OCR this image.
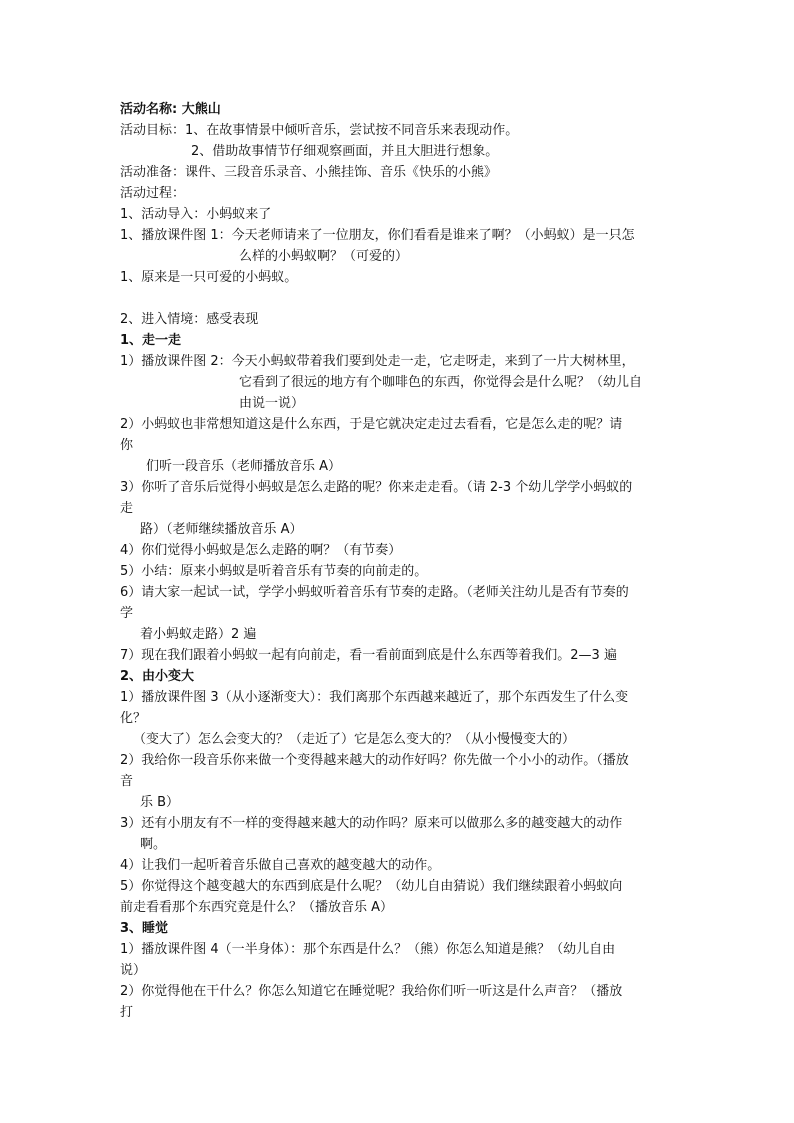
活动名称: 大熊山
活动目标：1、在故事情景中倾听音乐，尝试按不同音乐来表现动作。
2、借助故事情节仔细观察画面，并且大胆进行想象。
活动准备：课件、三段音乐录音、小熊挂饰、音乐《快乐的小熊》
活动过程：
1、活动导入：小蚂蚁来了
1、播放课件图 1：今天老师请来了一位朋友，你们看看是谁来了啊？（小蚂蚁）是一只怎
么样的小蚂蚁啊？（可爱的）
1、原来是一只可爱的小蚂蚁。
2、进入情境：感受表现
1、走一走
1）播放课件图 2：今天小蚂蚁带着我们要到处走一走，它走呀走，来到了一片大树林里，
它看到了很远的地方有个咖啡色的东西，你觉得会是什么呢？（幼儿自
由说一说）
2）小蚂蚁也非常想知道这是什么东西，于是它就决定走过去看看，它是怎么走的呢？请
你
们听一段音乐（老师播放音乐 A）
3）你听了音乐后觉得小蚂蚁是怎么走路的呢？你来走走看。（请 2-3 个幼儿学学小蚂蚁的
走
路）（老师继续播放音乐 A）
4）你们觉得小蚂蚁是怎么走路的啊？（有节奏）
5）小结：原来小蚂蚁是听着音乐有节奏的向前走的。
6）请大家一起试一试，学学小蚂蚁听着音乐有节奏的走路。（老师关注幼儿是否有节奏的
学
着小蚂蚁走路）2 遍
7）现在我们跟着小蚂蚁一起有向前走，看一看前面到底是什么东西等着我们。2—3 遍
2、由小变大
1）播放课件图 3（从小逐渐变大）：我们离那个东西越来越近了，那个东西发生了什么变
化？
（变大了）怎么会变大的？（走近了）它是怎么变大的？（从小慢慢变大的）
2）我给你一段音乐你来做一个变得越来越大的动作好吗？你先做一个小小的动作。（播放
音
乐 B）
3）还有小朋友有不一样的变得越来越大的动作吗？原来可以做那么多的越变越大的动作
啊。
4）让我们一起听着音乐做自己喜欢的越变越大的动作。
5）你觉得这个越变越大的东西到底是什么呢？（幼儿自由猜说）我们继续跟着小蚂蚁向
前走看看那个东西究竟是什么？（播放音乐 A）
3、睡觉
1）播放课件图 4（一半身体）：那个东西是什么？（熊）你怎么知道是熊？（幼儿自由
说）
2）你觉得他在干什么？你怎么知道它在睡觉呢？我给你们听一听这是什么声音？（播放
打
